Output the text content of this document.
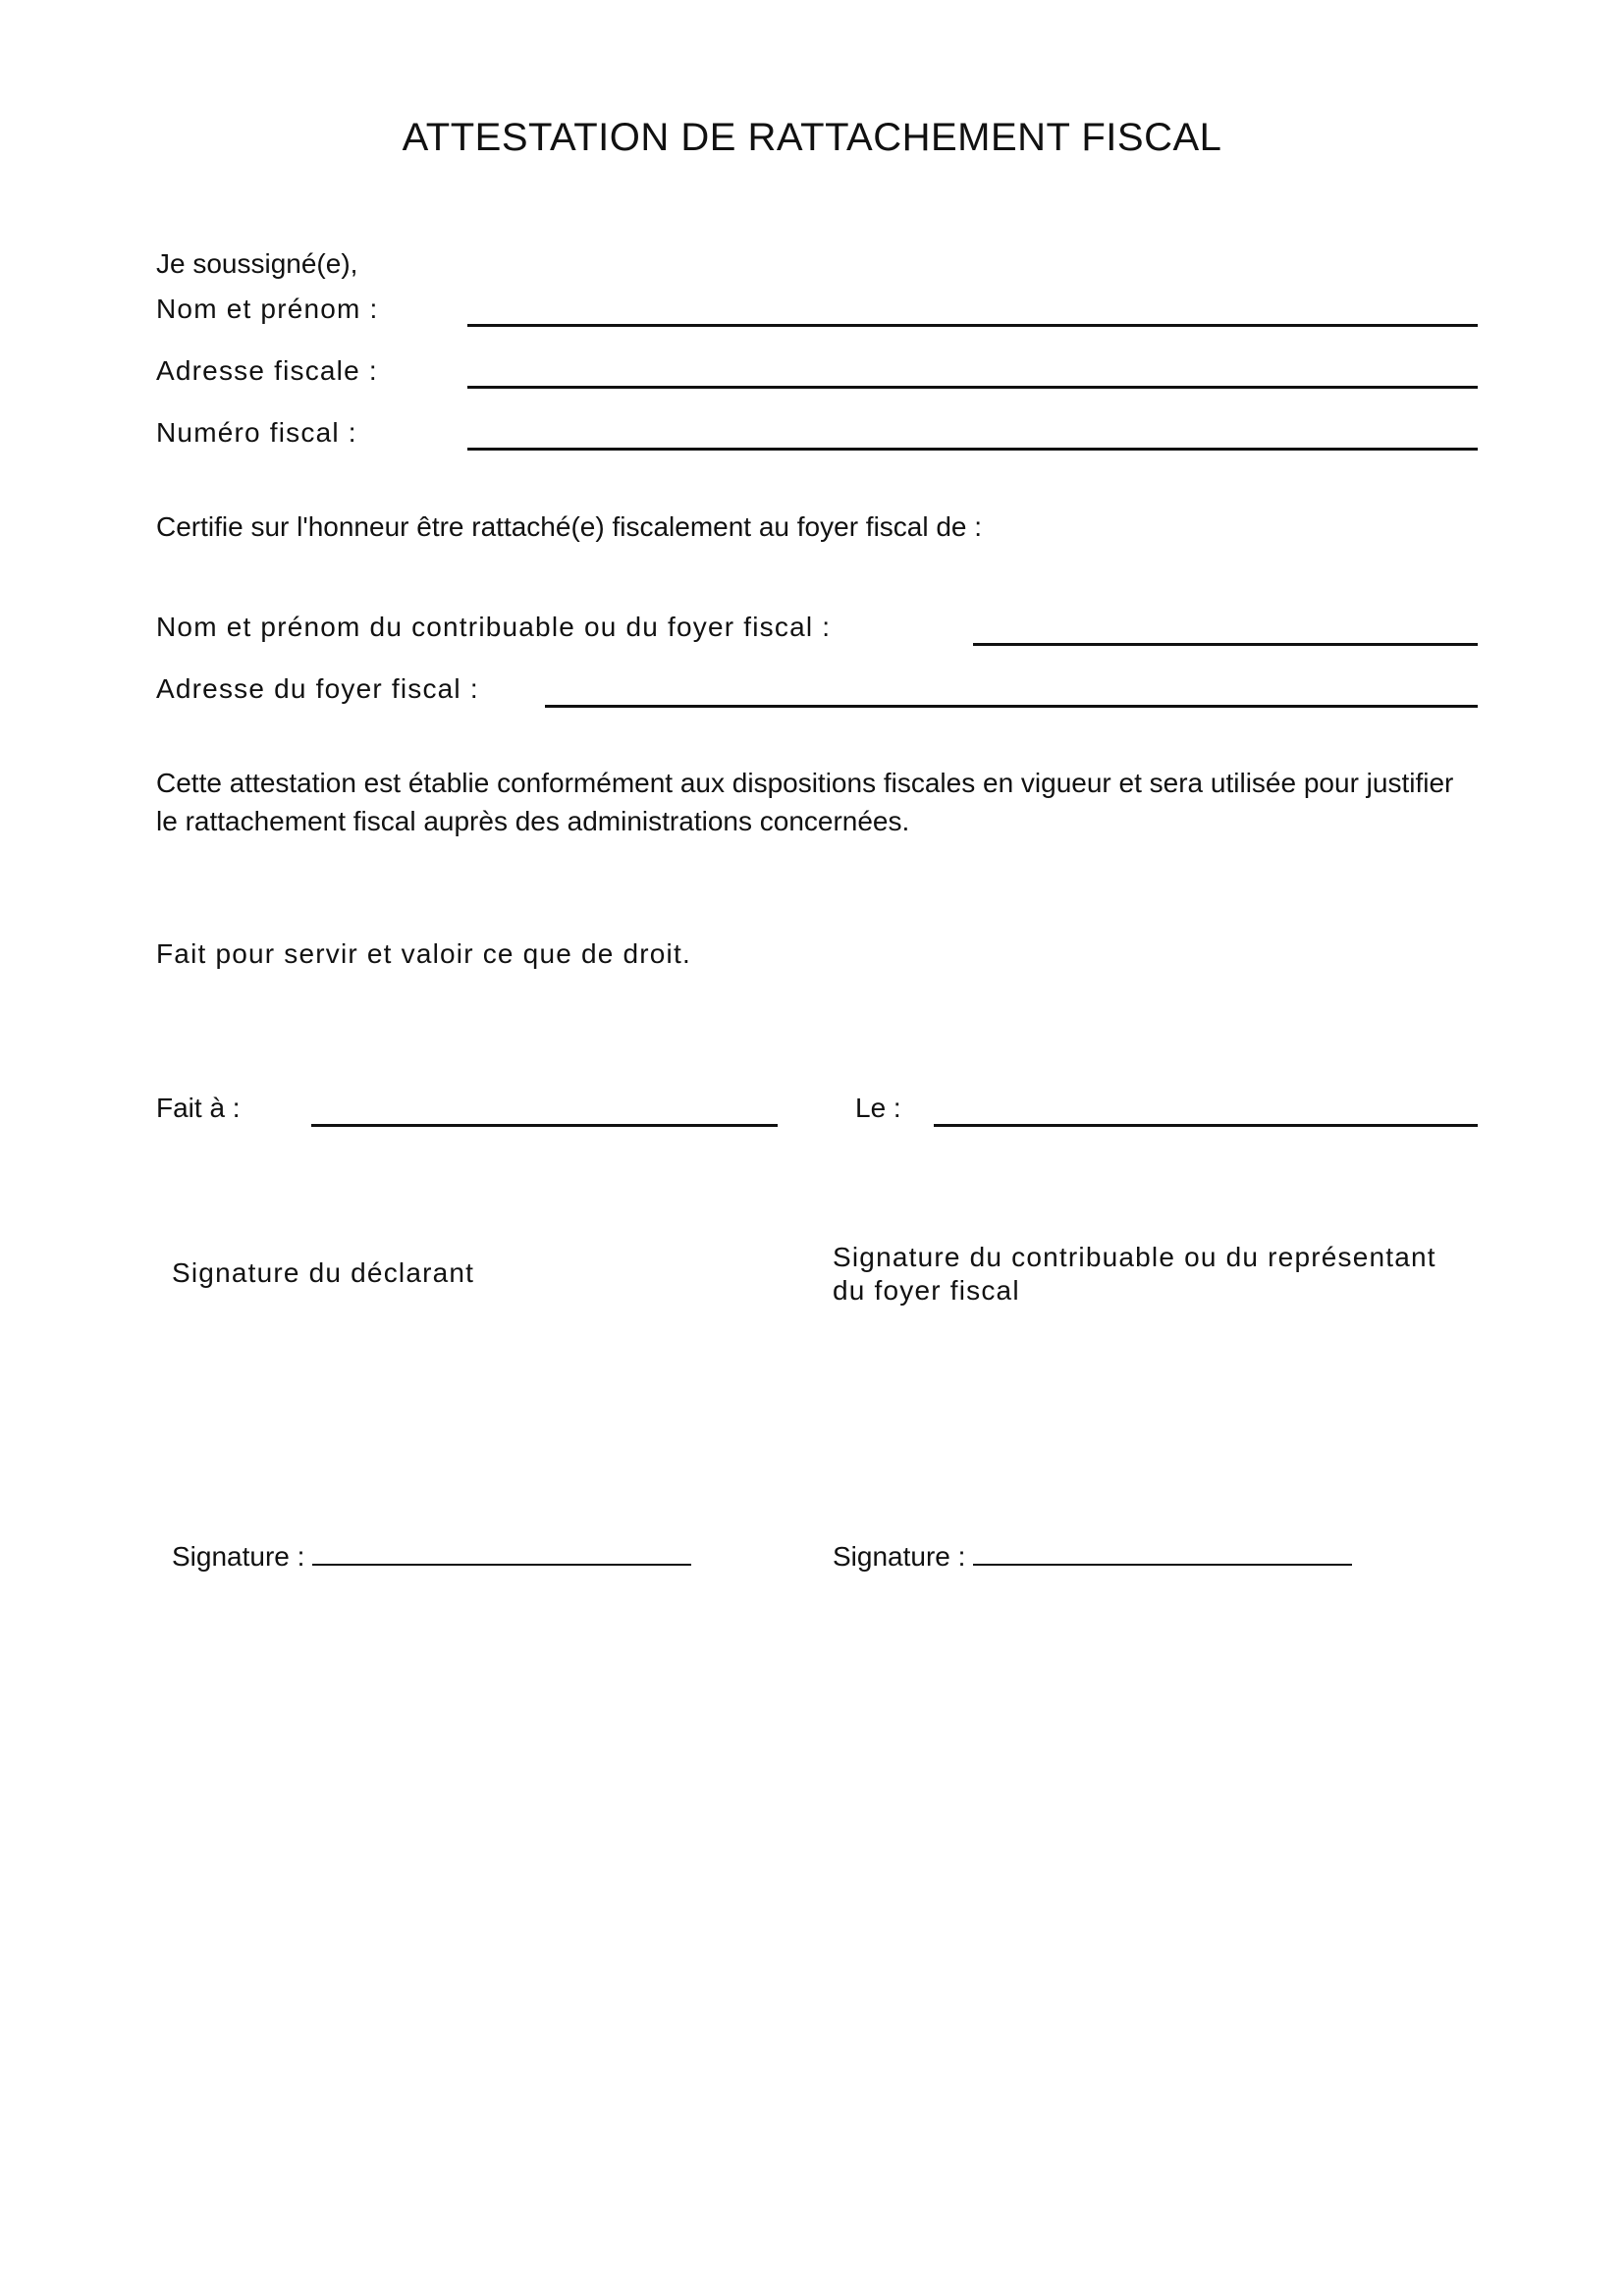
ATTESTATION DE RATTACHEMENT FISCAL
Je soussigné(e),
Nom et prénom :
Adresse fiscale :
Numéro fiscal :
Certifie sur l'honneur être rattaché(e) fiscalement au foyer fiscal de :
Nom et prénom du contribuable ou du foyer fiscal :
Adresse du foyer fiscal :
Cette attestation est établie conformément aux dispositions fiscales en vigueur et sera utilisée pour justifier
le rattachement fiscal auprès des administrations concernées.
Fait pour servir et valoir ce que de droit.
Fait à :	Le :
Signature du déclarant
Signature du contribuable ou du représentant
du foyer fiscal
Signature :	Signature :
